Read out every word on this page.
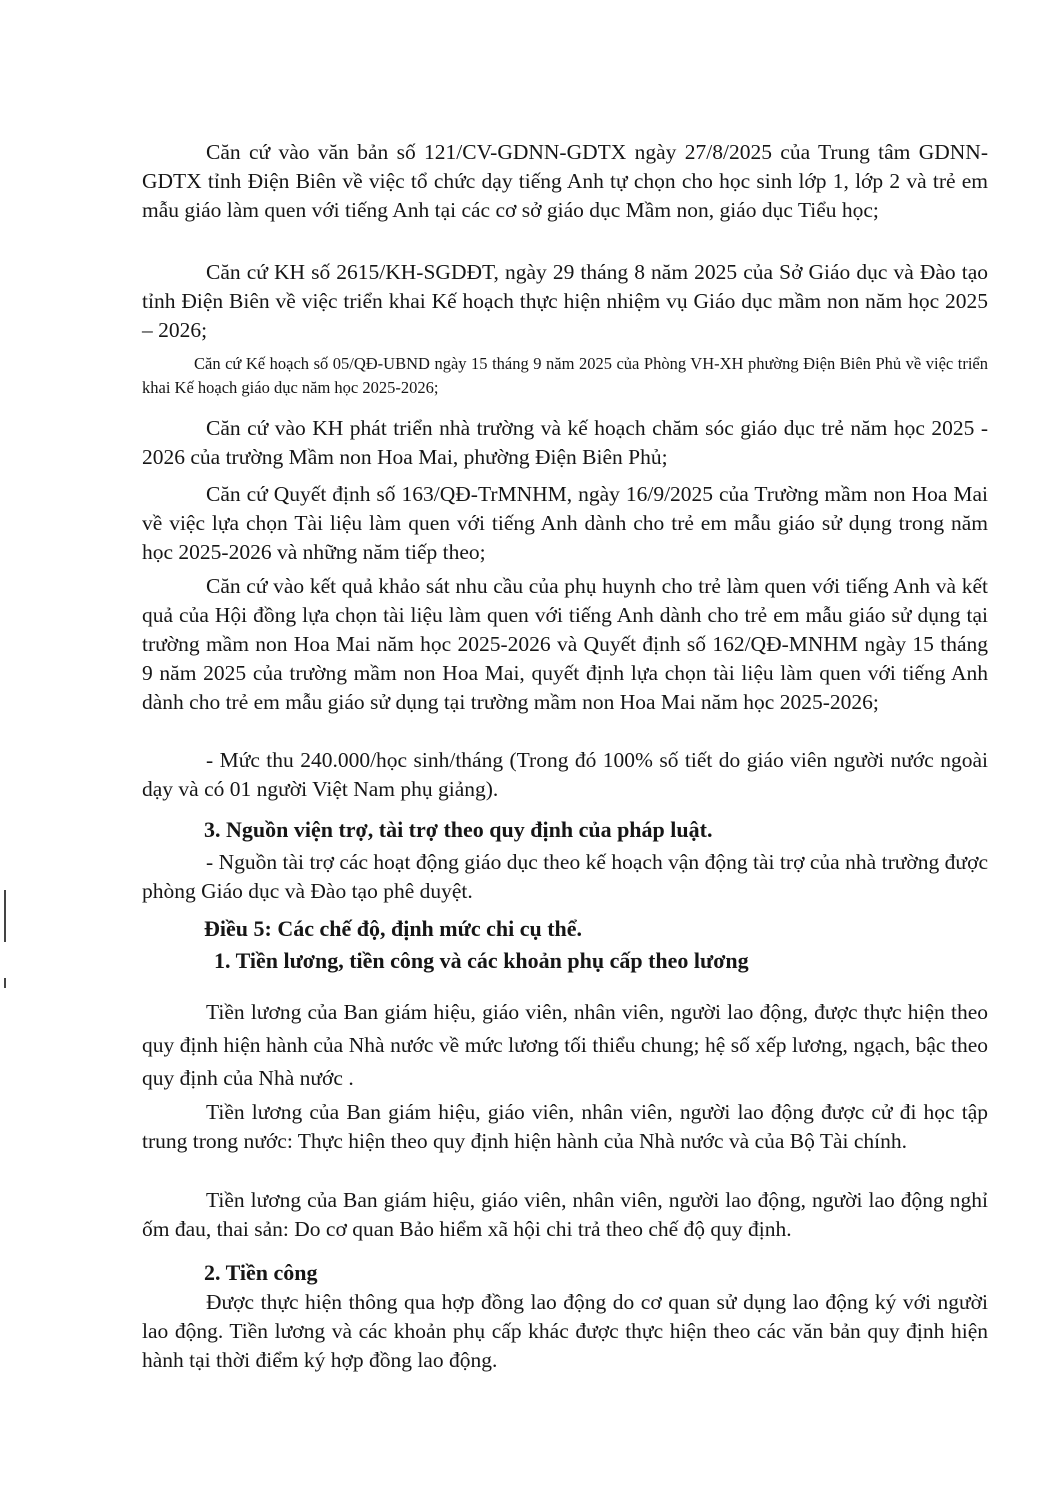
Căn cứ vào văn bản số 121/CV-GDNN-GDTX ngày 27/8/2025 của Trung tâm GDNN-GDTX tỉnh Điện Biên về việc tổ chức dạy tiếng Anh tự chọn cho học sinh lớp 1, lớp 2 và trẻ em mẫu giáo làm quen với tiếng Anh tại các cơ sở giáo dục Mầm non, giáo dục Tiểu học;
Căn cứ KH số 2615/KH-SGDĐT, ngày 29 tháng 8 năm 2025 của Sở Giáo dục và Đào tạo tỉnh Điện Biên về việc triển khai Kế hoạch thực hiện nhiệm vụ Giáo dục mầm non năm học 2025 – 2026;
Căn cứ Kế hoạch số 05/QĐ-UBND ngày 15 tháng 9 năm 2025 của Phòng VH-XH phường Điện Biên Phủ về việc triển khai Kế hoạch giáo dục năm học 2025-2026;
Căn cứ vào KH phát triển nhà trường và kế hoạch chăm sóc giáo dục trẻ năm học 2025 - 2026 của trường Mầm non Hoa Mai, phường Điện Biên Phủ;
Căn cứ Quyết định số 163/QĐ-TrMNHM, ngày 16/9/2025 của Trường mầm non Hoa Mai về việc lựa chọn Tài liệu làm quen với tiếng Anh dành cho trẻ em mẫu giáo sử dụng trong năm học 2025-2026 và những năm tiếp theo;
Căn cứ vào kết quả khảo sát nhu cầu của phụ huynh cho trẻ làm quen với tiếng Anh và kết quả của Hội đồng lựa chọn tài liệu làm quen với tiếng Anh dành cho trẻ em mẫu giáo sử dụng tại trường mầm non Hoa Mai năm học 2025-2026 và Quyết định số 162/QĐ-MNHM ngày 15 tháng 9 năm 2025 của trường mầm non Hoa Mai, quyết định lựa chọn tài liệu làm quen với tiếng Anh dành cho trẻ em mẫu giáo sử dụng tại trường mầm non Hoa Mai năm học 2025-2026;
- Mức thu 240.000/học sinh/tháng (Trong đó 100% số tiết do giáo viên người nước ngoài dạy và có 01 người Việt Nam phụ giảng).
3. Nguồn viện trợ, tài trợ theo quy định của pháp luật.
- Nguồn tài trợ các hoạt động giáo dục theo kế hoạch vận động tài trợ của nhà trường được phòng Giáo dục và Đào tạo phê duyệt.
Điều 5: Các chế độ, định mức chi cụ thể.
1. Tiền lương, tiền công và các khoản phụ cấp theo lương
Tiền lương của Ban giám hiệu, giáo viên, nhân viên, người lao động, được thực hiện theo quy định hiện hành của Nhà nước về mức lương tối thiểu chung; hệ số xếp lương, ngạch, bậc theo quy định của Nhà nước .
Tiền lương của Ban giám hiệu, giáo viên, nhân viên, người lao động được cử đi học tập trung trong nước: Thực hiện theo quy định hiện hành của Nhà nước và của Bộ Tài chính.
Tiền lương của Ban giám hiệu, giáo viên, nhân viên, người lao động, người lao động nghỉ ốm đau, thai sản: Do cơ quan Bảo hiểm xã hội chi trả theo chế độ quy định.
2. Tiền công
Được thực hiện thông qua hợp đồng lao động do cơ quan sử dụng lao động ký với người lao động. Tiền lương và các khoản phụ cấp khác được thực hiện theo các văn bản quy định hiện hành tại thời điểm ký hợp đồng lao động.
